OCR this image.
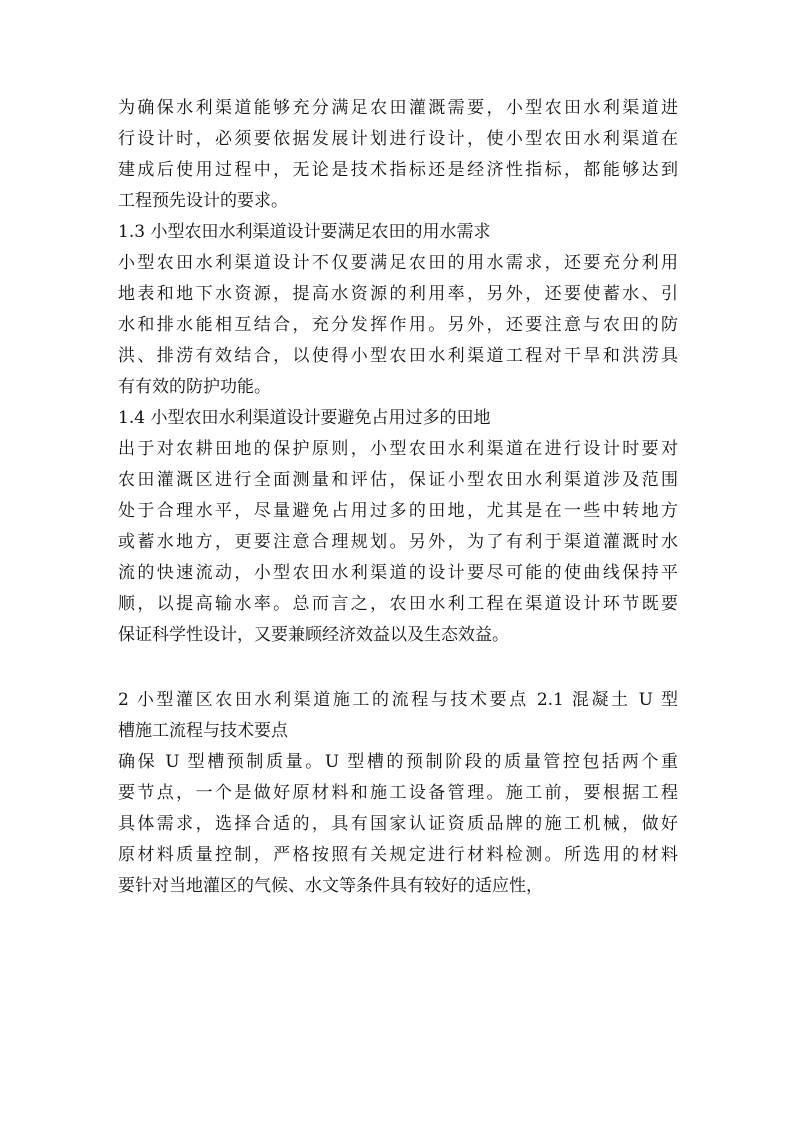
为确保水利渠道能够充分满足农田灌溉需要，小型农田水利渠道进
行设计时，必须要依据发展计划进行设计，使小型农田水利渠道在
建成后使用过程中，无论是技术指标还是经济性指标，都能够达到
工程预先设计的要求。
1.3 小型农田水利渠道设计要满足农田的用水需求
小型农田水利渠道设计不仅要满足农田的用水需求，还要充分利用
地表和地下水资源，提高水资源的利用率，另外，还要使蓄水、引
水和排水能相互结合，充分发挥作用。另外，还要注意与农田的防
洪、排涝有效结合，以使得小型农田水利渠道工程对干旱和洪涝具
有有效的防护功能。
1.4 小型农田水利渠道设计要避免占用过多的田地
出于对农耕田地的保护原则，小型农田水利渠道在进行设计时要对
农田灌溉区进行全面测量和评估，保证小型农田水利渠道涉及范围
处于合理水平，尽量避免占用过多的田地，尤其是在一些中转地方
或蓄水地方，更要注意合理规划。另外，为了有利于渠道灌溉时水
流的快速流动，小型农田水利渠道的设计要尽可能的使曲线保持平
顺，以提高输水率。总而言之，农田水利工程在渠道设计环节既要
保证科学性设计，又要兼顾经济效益以及生态效益。
2 小型灌区农田水利渠道施工的流程与技术要点 2.1 混凝土 U 型
槽施工流程与技术要点
确保 U 型槽预制质量。U 型槽的预制阶段的质量管控包括两个重
要节点，一个是做好原材料和施工设备管理。施工前，要根据工程
具体需求，选择合适的，具有国家认证资质品牌的施工机械，做好
原材料质量控制，严格按照有关规定进行材料检测。所选用的材料
要针对当地灌区的气候、水文等条件具有较好的适应性，
